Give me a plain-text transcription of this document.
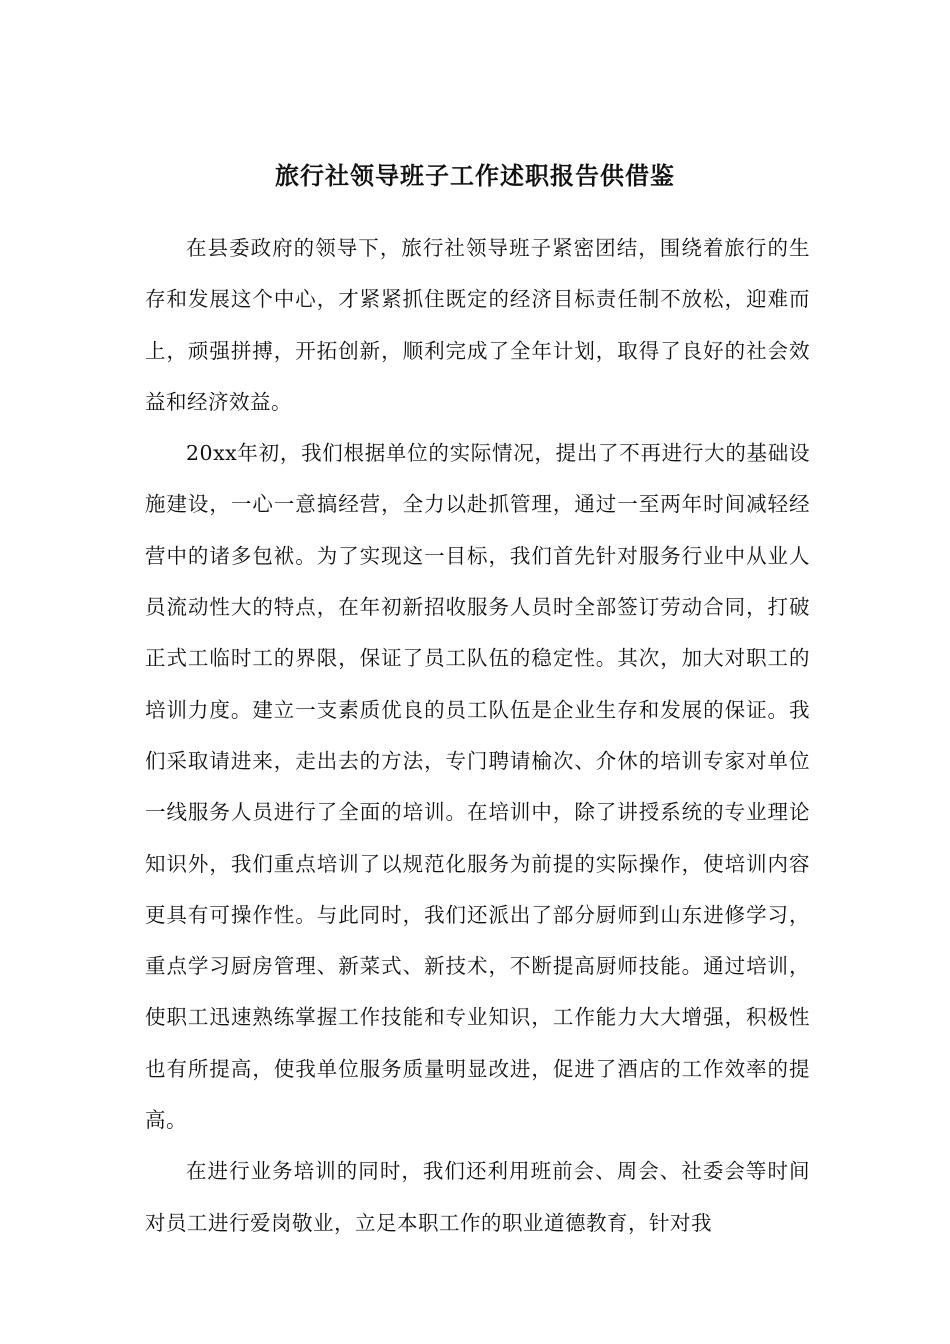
旅行社领导班子工作述职报告供借鉴

在县委政府的领导下，旅行社领导班子紧密团结，围绕着旅行的生存和发展这个中心，才紧紧抓住既定的经济目标责任制不放松，迎难而上，顽强拼搏，开拓创新，顺利完成了全年计划，取得了良好的社会效益和经济效益。

20xx年初，我们根据单位的实际情况，提出了不再进行大的基础设施建设，一心一意搞经营，全力以赴抓管理，通过一至两年时间减轻经营中的诸多包袱。为了实现这一目标，我们首先针对服务行业中从业人员流动性大的特点，在年初新招收服务人员时全部签订劳动合同，打破正式工临时工的界限，保证了员工队伍的稳定性。其次，加大对职工的培训力度。建立一支素质优良的员工队伍是企业生存和发展的保证。我们采取请进来，走出去的方法，专门聘请榆次、介休的培训专家对单位一线服务人员进行了全面的培训。在培训中，除了讲授系统的专业理论知识外，我们重点培训了以规范化服务为前提的实际操作，使培训内容更具有可操作性。与此同时，我们还派出了部分厨师到山东进修学习，重点学习厨房管理、新菜式、新技术，不断提高厨师技能。通过培训，使职工迅速熟练掌握工作技能和专业知识，工作能力大大增强，积极性也有所提高，使我单位服务质量明显改进，促进了酒店的工作效率的提高。

在进行业务培训的同时，我们还利用班前会、周会、社委会等时间对员工进行爱岗敬业，立足本职工作的职业道德教育，针对我
